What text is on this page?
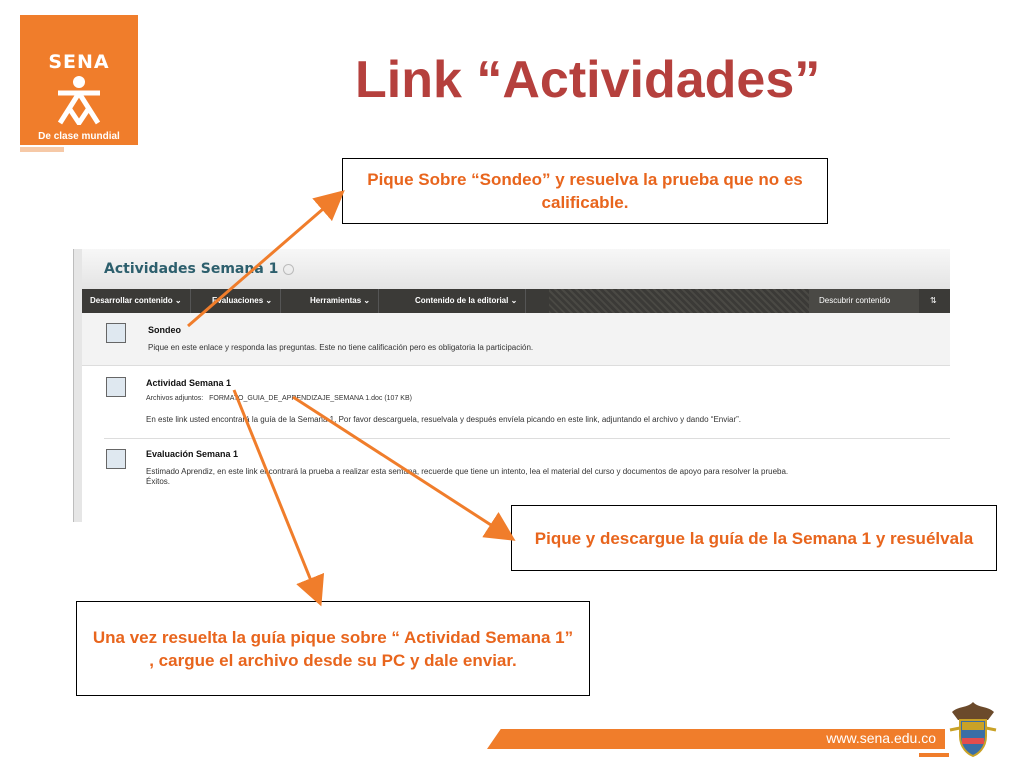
SENA
De clase mundial
Link “Actividades”
Actividades Semana 1
Desarrollar contenido ⌄	Evaluaciones ⌄	Herramientas ⌄	Contenido de la editorial ⌄	Descubrir contenido	⇅
Sondeo
Pique en este enlace y responda las preguntas. Este no tiene calificación pero es obligatoria la participación.
Actividad Semana 1
Archivos adjuntos: FORMATO_GUIA_DE_APRENDIZAJE_SEMANA 1.doc (107 KB)
En este link usted encontrará la guía de la Semana 1, Por favor descarguela, resuelvala y después envíela picando en este link, adjuntando el archivo y dando “Enviar”.
Evaluación Semana 1
Estimado Aprendiz, en este link encontrará la prueba a realizar esta semana, recuerde que tiene un intento, lea el material del curso y documentos de apoyo para resolver la prueba.
Éxitos.
Pique Sobre “Sondeo” y resuelva la prueba que no es calificable.
Pique y descargue la guía de la Semana 1 y resuélvala
Una vez resuelta la guía pique sobre “ Actividad Semana 1” , cargue el archivo desde su PC y dale enviar.
www.sena.edu.co
